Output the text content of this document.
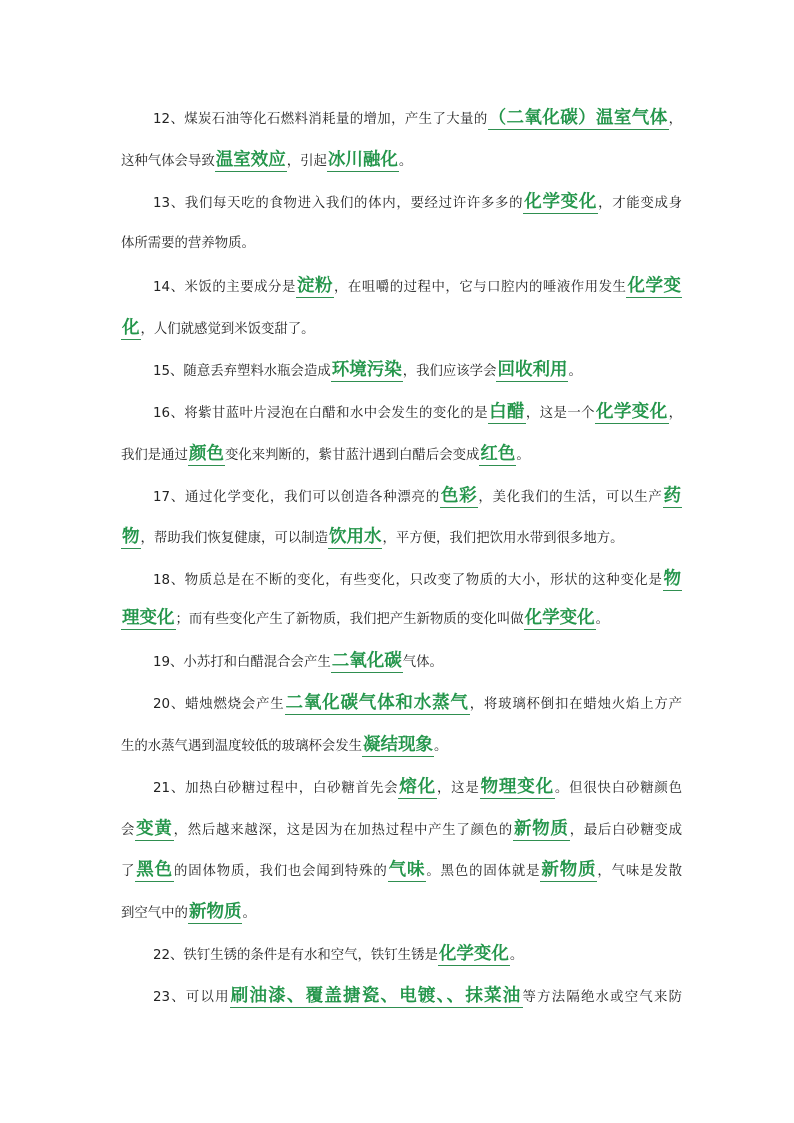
12、煤炭石油等化石燃料消耗量的增加，产生了大量的（二氧化碳）温室气体，
这种气体会导致温室效应，引起冰川融化。
13、我们每天吃的食物进入我们的体内，要经过许许多多的化学变化，才能变成身
体所需要的营养物质。
14、米饭的主要成分是淀粉，在咀嚼的过程中，它与口腔内的唾液作用发生化学变
化，人们就感觉到米饭变甜了。
15、随意丢弃塑料水瓶会造成环境污染，我们应该学会回收利用。
16、将紫甘蓝叶片浸泡在白醋和水中会发生的变化的是白醋，这是一个化学变化，
我们是通过颜色变化来判断的，紫甘蓝汁遇到白醋后会变成红色。
17、通过化学变化，我们可以创造各种漂亮的色彩，美化我们的生活，可以生产药
物，帮助我们恢复健康，可以制造饮用水，平方便，我们把饮用水带到很多地方。
18、物质总是在不断的变化，有些变化，只改变了物质的大小，形状的这种变化是物
理变化；而有些变化产生了新物质，我们把产生新物质的变化叫做化学变化。
19、小苏打和白醋混合会产生二氧化碳气体。
20、蜡烛燃烧会产生二氧化碳气体和水蒸气，将玻璃杯倒扣在蜡烛火焰上方产
生的水蒸气遇到温度较低的玻璃杯会发生凝结现象。
21、加热白砂糖过程中，白砂糖首先会熔化，这是物理变化。但很快白砂糖颜色
会变黄，然后越来越深，这是因为在加热过程中产生了颜色的新物质，最后白砂糖变成
了黑色的固体物质，我们也会闻到特殊的气味。黑色的固体就是新物质，气味是发散
到空气中的新物质。
22、铁钉生锈的条件是有水和空气，铁钉生锈是化学变化。
23、可以用刷油漆、覆盖搪瓷、电镀、、抹菜油等方法隔绝水或空气来防
